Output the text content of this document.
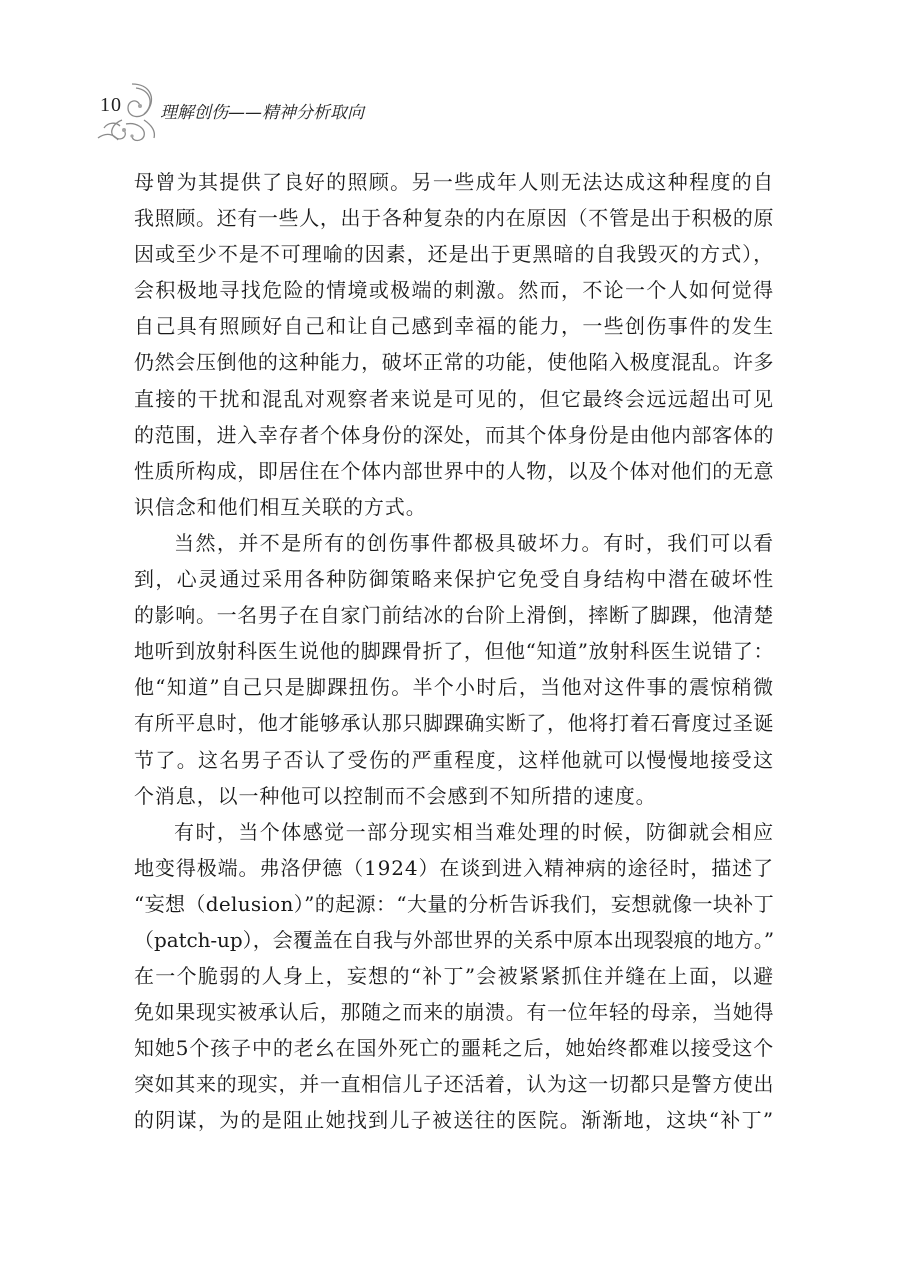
10 理解创伤——精神分析取向
母曾为其提供了良好的照顾。另一些成年人则无法达成这种程度的自
我照顾。还有一些人，出于各种复杂的内在原因（不管是出于积极的原
因或至少不是不可理喻的因素，还是出于更黑暗的自我毁灭的方式），
会积极地寻找危险的情境或极端的刺激。然而，不论一个人如何觉得
自己具有照顾好自己和让自己感到幸福的能力，一些创伤事件的发生
仍然会压倒他的这种能力，破坏正常的功能，使他陷入极度混乱。许多
直接的干扰和混乱对观察者来说是可见的，但它最终会远远超出可见
的范围，进入幸存者个体身份的深处，而其个体身份是由他内部客体的
性质所构成，即居住在个体内部世界中的人物，以及个体对他们的无意
识信念和他们相互关联的方式。
当然，并不是所有的创伤事件都极具破坏力。有时，我们可以看
到，心灵通过采用各种防御策略来保护它免受自身结构中潜在破坏性
的影响。一名男子在自家门前结冰的台阶上滑倒，摔断了脚踝，他清楚
地听到放射科医生说他的脚踝骨折了，但他“知道”放射科医生说错了：
他“知道”自己只是脚踝扭伤。半个小时后，当他对这件事的震惊稍微
有所平息时，他才能够承认那只脚踝确实断了，他将打着石膏度过圣诞
节了。这名男子否认了受伤的严重程度，这样他就可以慢慢地接受这
个消息，以一种他可以控制而不会感到不知所措的速度。
有时，当个体感觉一部分现实相当难处理的时候，防御就会相应
地变得极端。弗洛伊德（1924）在谈到进入精神病的途径时，描述了
“妄想（delusion）”的起源：“大量的分析告诉我们，妄想就像一块补丁
（patch-up），会覆盖在自我与外部世界的关系中原本出现裂痕的地方。”
在一个脆弱的人身上，妄想的“补丁”会被紧紧抓住并缝在上面，以避
免如果现实被承认后，那随之而来的崩溃。有一位年轻的母亲，当她得
知她5个孩子中的老幺在国外死亡的噩耗之后，她始终都难以接受这个
突如其来的现实，并一直相信儿子还活着，认为这一切都只是警方使出
的阴谋，为的是阻止她找到儿子被送往的医院。渐渐地，这块“补丁”
